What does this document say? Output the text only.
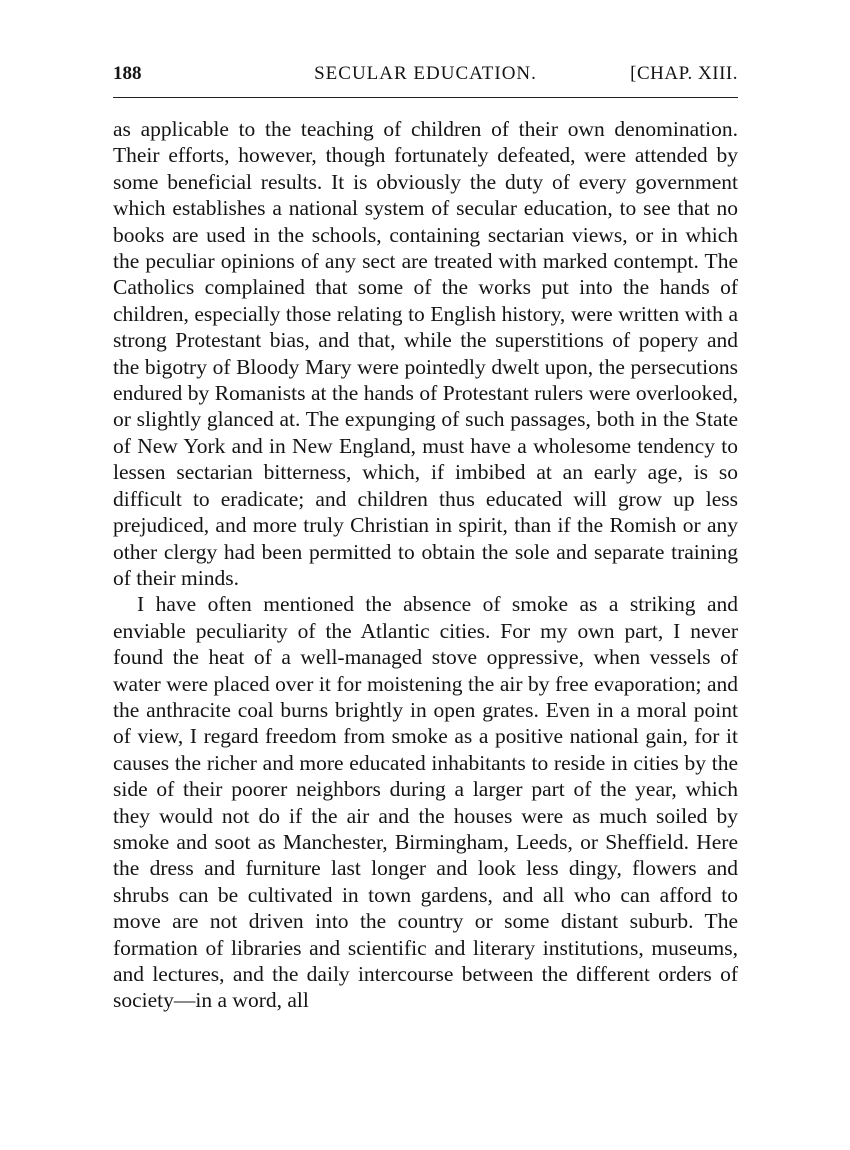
188	SECULAR EDUCATION.	[CHAP. XIII.

as applicable to the teaching of children of their own denomination. Their efforts, however, though fortunately defeated, were attended by some beneficial results. It is obviously the duty of every government which establishes a national system of secular education, to see that no books are used in the schools, containing sectarian views, or in which the peculiar opinions of any sect are treated with marked contempt. The Catholics complained that some of the works put into the hands of children, especially those relating to English history, were written with a strong Protestant bias, and that, while the superstitions of popery and the bigotry of Bloody Mary were pointedly dwelt upon, the persecutions endured by Romanists at the hands of Protestant rulers were overlooked, or slightly glanced at. The expunging of such passages, both in the State of New York and in New England, must have a wholesome tendency to lessen sectarian bitterness, which, if imbibed at an early age, is so difficult to eradicate; and children thus educated will grow up less prejudiced, and more truly Christian in spirit, than if the Romish or any other clergy had been permitted to obtain the sole and separate training of their minds.

I have often mentioned the absence of smoke as a striking and enviable peculiarity of the Atlantic cities. For my own part, I never found the heat of a well-managed stove oppressive, when vessels of water were placed over it for moistening the air by free evaporation; and the anthracite coal burns brightly in open grates. Even in a moral point of view, I regard freedom from smoke as a positive national gain, for it causes the richer and more educated inhabitants to reside in cities by the side of their poorer neighbors during a larger part of the year, which they would not do if the air and the houses were as much soiled by smoke and soot as Manchester, Birmingham, Leeds, or Sheffield. Here the dress and furniture last longer and look less dingy, flowers and shrubs can be cultivated in town gardens, and all who can afford to move are not driven into the country or some distant suburb. The formation of libraries and scientific and literary institutions, museums, and lectures, and the daily intercourse between the different orders of society—in a word, all
